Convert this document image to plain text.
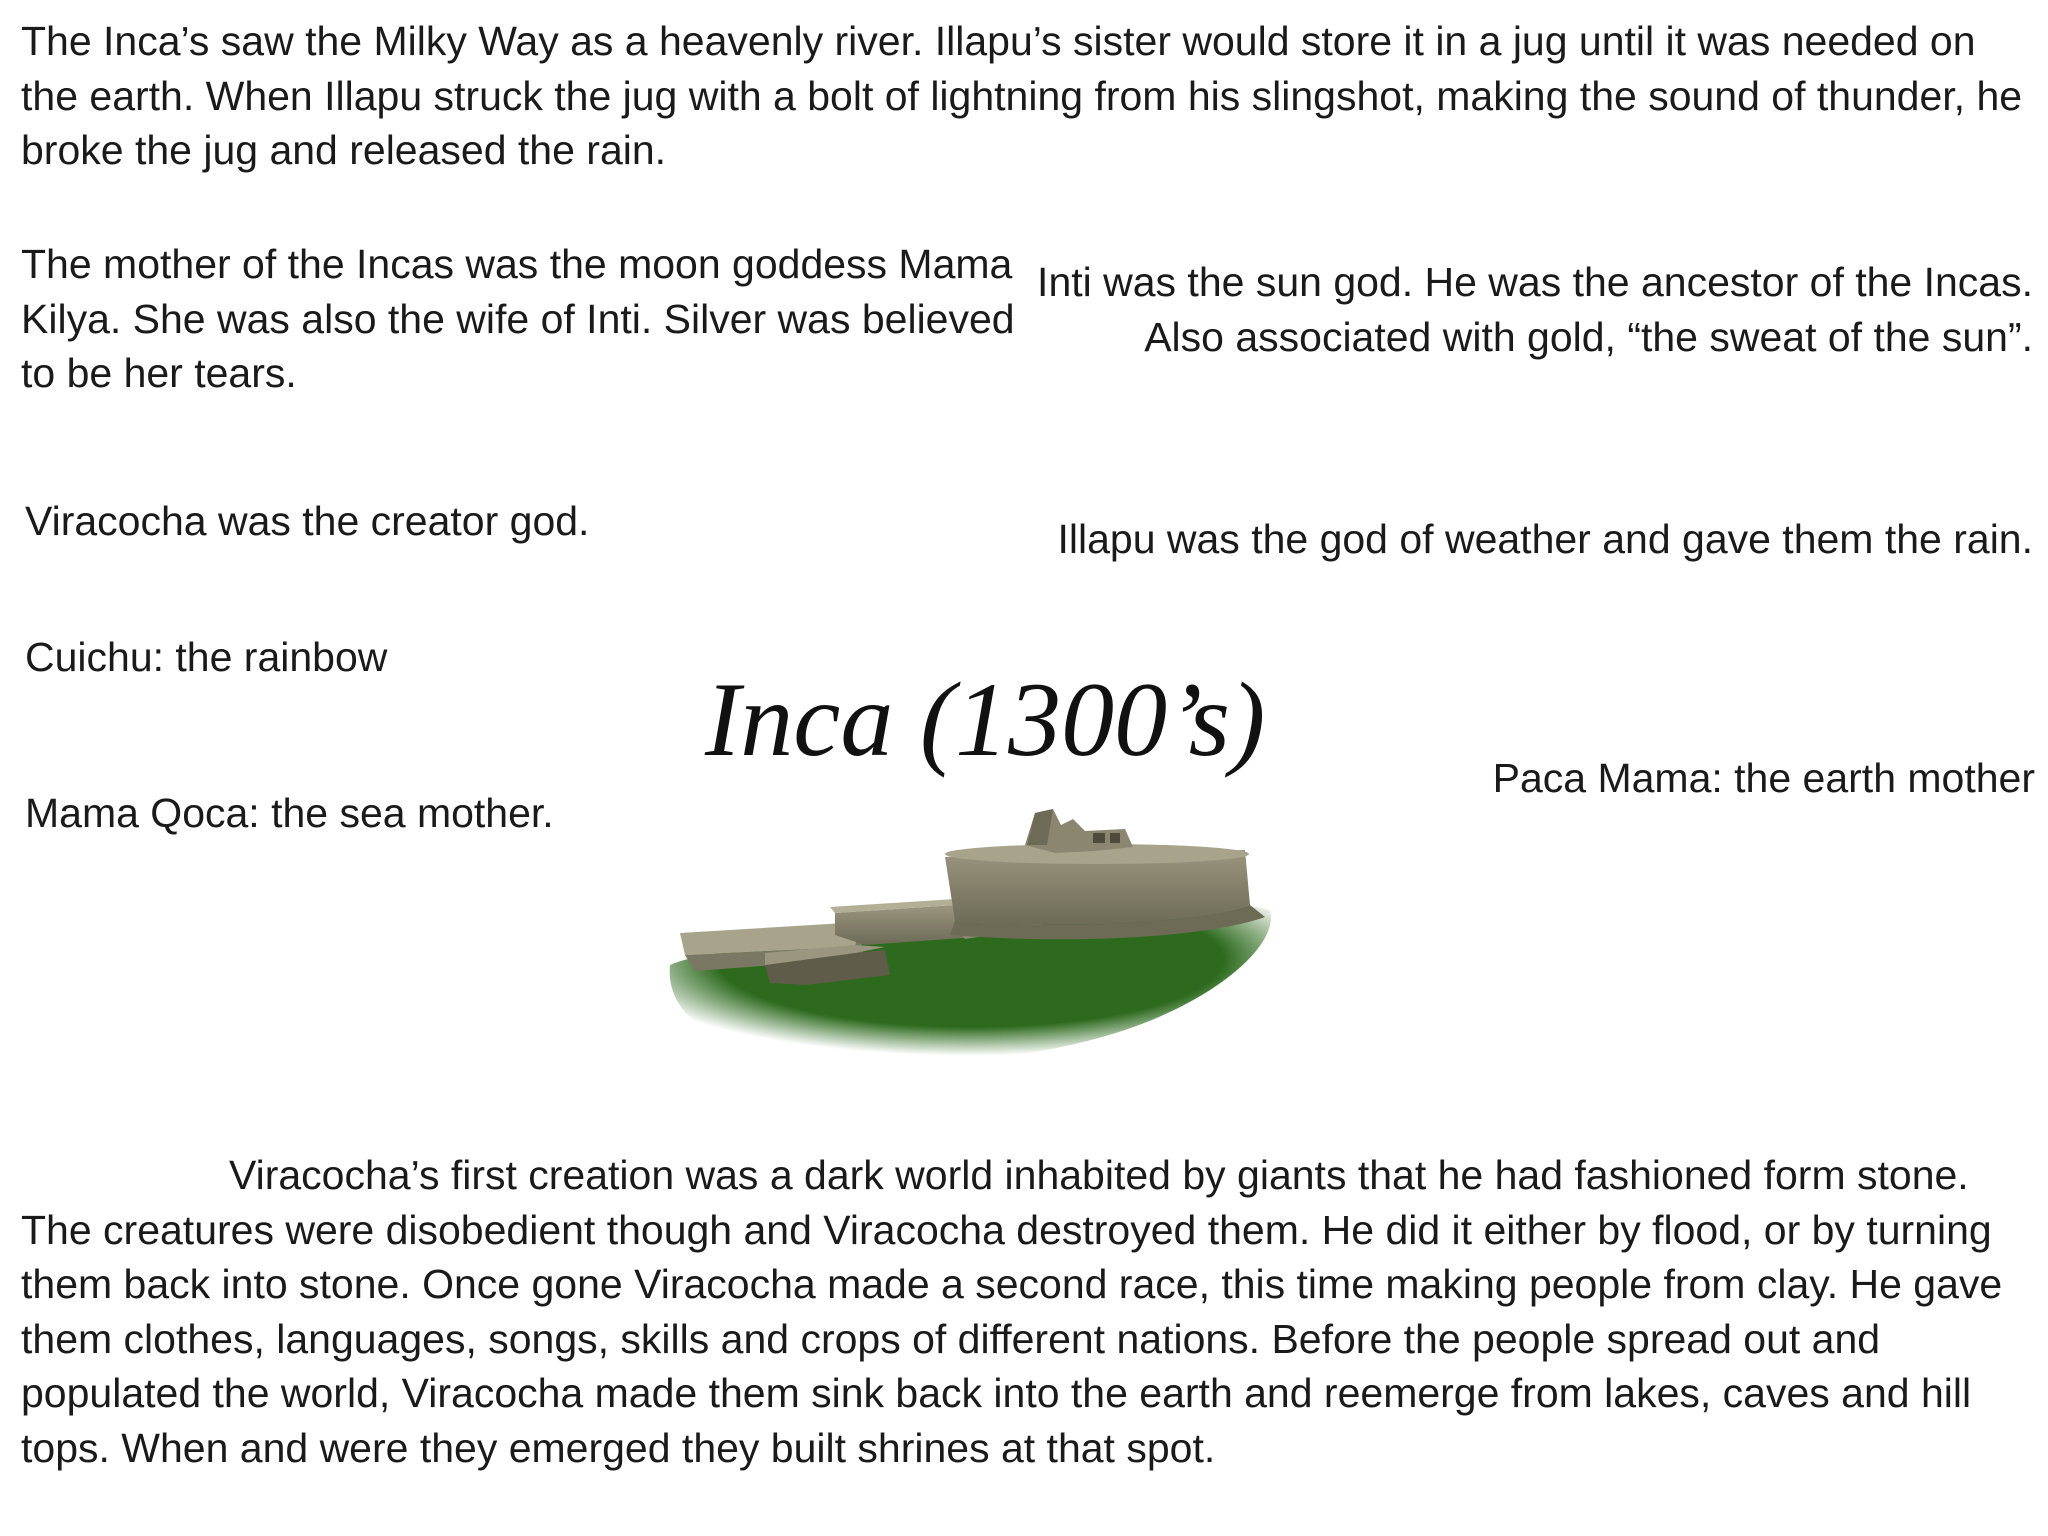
The Inca’s saw the Milky Way as a heavenly river. Illapu’s sister would store it in a jug until it was needed on the earth. When Illapu struck the jug with a bolt of lightning from his slingshot, making the sound of thunder, he broke the jug and released the rain.
The mother of the Incas was the moon goddess Mama Kilya. She was also the wife of Inti. Silver was believed to be her tears.
Inti was the sun god. He was the ancestor of the Incas. Also associated with gold, “the sweat of the sun”.
Viracocha was the creator god.	Illapu was the god of weather and gave them the rain.
Cuichu: the rainbow
Paca Mama: the earth mother
Mama Qoca: the sea mother.
Inca (1300’s)
Viracocha’s first creation was a dark world inhabited by giants that he had fashioned form stone. The creatures were disobedient though and Viracocha destroyed them. He did it either by flood, or by turning them back into stone. Once gone Viracocha made a second race, this time making people from clay. He gave them clothes, languages, songs, skills and crops of different nations. Before the people spread out and populated the world, Viracocha made them sink back into the earth and reemerge from lakes, caves and hill tops. When and were they emerged they built shrines at that spot.
